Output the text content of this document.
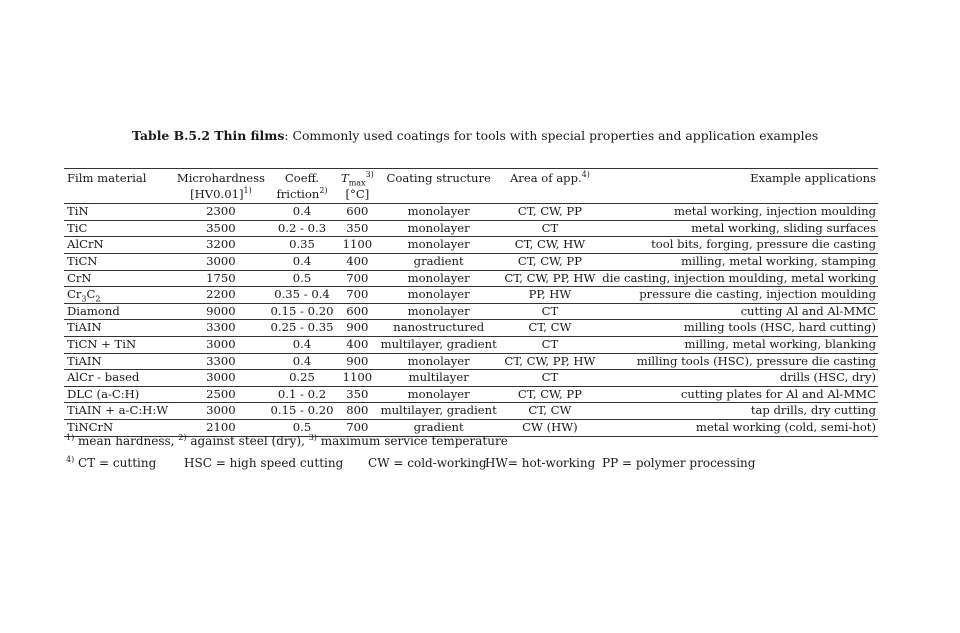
Table B.5.2 Thin films: Commonly used coatings for tools with special properties and application examples
Film material	Microhardness	Coeff.	$T_{max}^{3)}$	Coating structure	Area of app.$^{4)}$	Example applications
	$[HV0.01]^{1)}$	friction$^{2)}$	[°C]			
TiN	2300	0.4	600	monolayer	CT, CW, PP	metal working, injection moulding
TiC	3500	0.2 - 0.3	350	monolayer	CT	metal working, sliding surfaces
AlCrN	3200	0.35	1100	monolayer	CT, CW, HW	tool bits, forging, pressure die casting
TiCN	3000	0.4	400	gradient	CT, CW, PP	milling, metal working, stamping
CrN	1750	0.5	700	monolayer	CT, CW, PP, HW	die casting, injection moulding, metal working
$Cr_3C_2$	2200	0.35 - 0.4	700	monolayer	PP, HW	pressure die casting, injection moulding
Diamond	9000	0.15 - 0.20	600	monolayer	CT	cutting Al and Al-MMC
TiAIN	3300	0.25 - 0.35	900	nanostructured	CT, CW	milling tools (HSC, hard cutting)
TiCN + TiN	3000	0.4	400	multilayer, gradient	CT	milling, metal working, blanking
TiAIN	3300	0.4	900	monolayer	CT, CW, PP, HW	milling tools (HSC), pressure die casting
AlCr - based	3000	0.25	1100	multilayer	CT	drills (HSC, dry)
DLC (a-C:H)	2500	0.1 - 0.2	350	monolayer	CT, CW, PP	cutting plates for Al and Al-MMC
TiAIN + a-C:H:W	3000	0.15 - 0.20	800	multilayer, gradient	CT, CW	tap drills, dry cutting
TiNCrN	2100	0.5	700	gradient	CW (HW)	metal working (cold, semi-hot)
$^{1)}$ mean hardness, $^{2)}$ against steel (dry), $^{3)}$ maximum service temperature
$^{4)}$ CT = cutting HSC = high speed cutting CW = cold-workingHW= hot-working PP = polymer processing
